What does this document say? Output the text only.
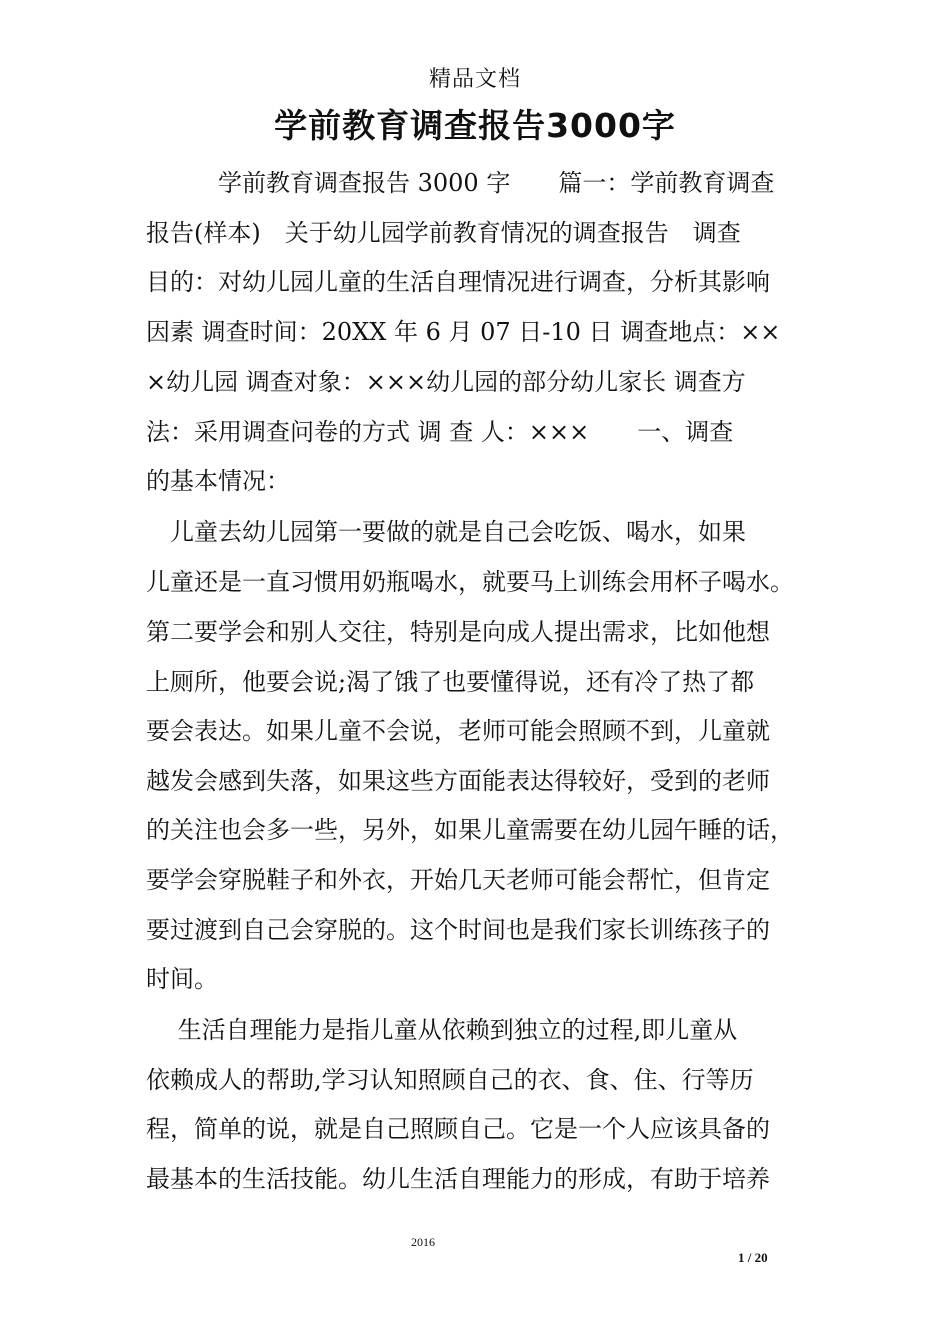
精品文档
学前教育调查报告3000字
　　　学前教育调查报告 3000 字　　篇一：学前教育调查
报告(样本)　关于幼儿园学前教育情况的调查报告　调查
目的：对幼儿园儿童的生活自理情况进行调查，分析其影响
因素 调查时间：20XX 年 6 月 07 日-10 日 调查地点：××
×幼儿园 调查对象：×××幼儿园的部分幼儿家长 调查方
法：采用调查问卷的方式 调 查 人：×××　　一、调查
的基本情况：
　儿童去幼儿园第一要做的就是自己会吃饭、喝水，如果
儿童还是一直习惯用奶瓶喝水，就要马上训练会用杯子喝水。
第二要学会和别人交往，特别是向成人提出需求，比如他想
上厕所，他要会说;渴了饿了也要懂得说，还有冷了热了都
要会表达。如果儿童不会说，老师可能会照顾不到，儿童就
越发会感到失落，如果这些方面能表达得较好，受到的老师
的关注也会多一些，另外，如果儿童需要在幼儿园午睡的话，
要学会穿脱鞋子和外衣，开始几天老师可能会帮忙，但肯定
要过渡到自己会穿脱的。这个时间也是我们家长训练孩子的
时间。
　 生活自理能力是指儿童从依赖到独立的过程,即儿童从
依赖成人的帮助,学习认知照顾自己的衣、食、住、行等历
程，简单的说，就是自己照顾自己。它是一个人应该具备的
最基本的生活技能。幼儿生活自理能力的形成，有助于培养
2016
1 / 20
